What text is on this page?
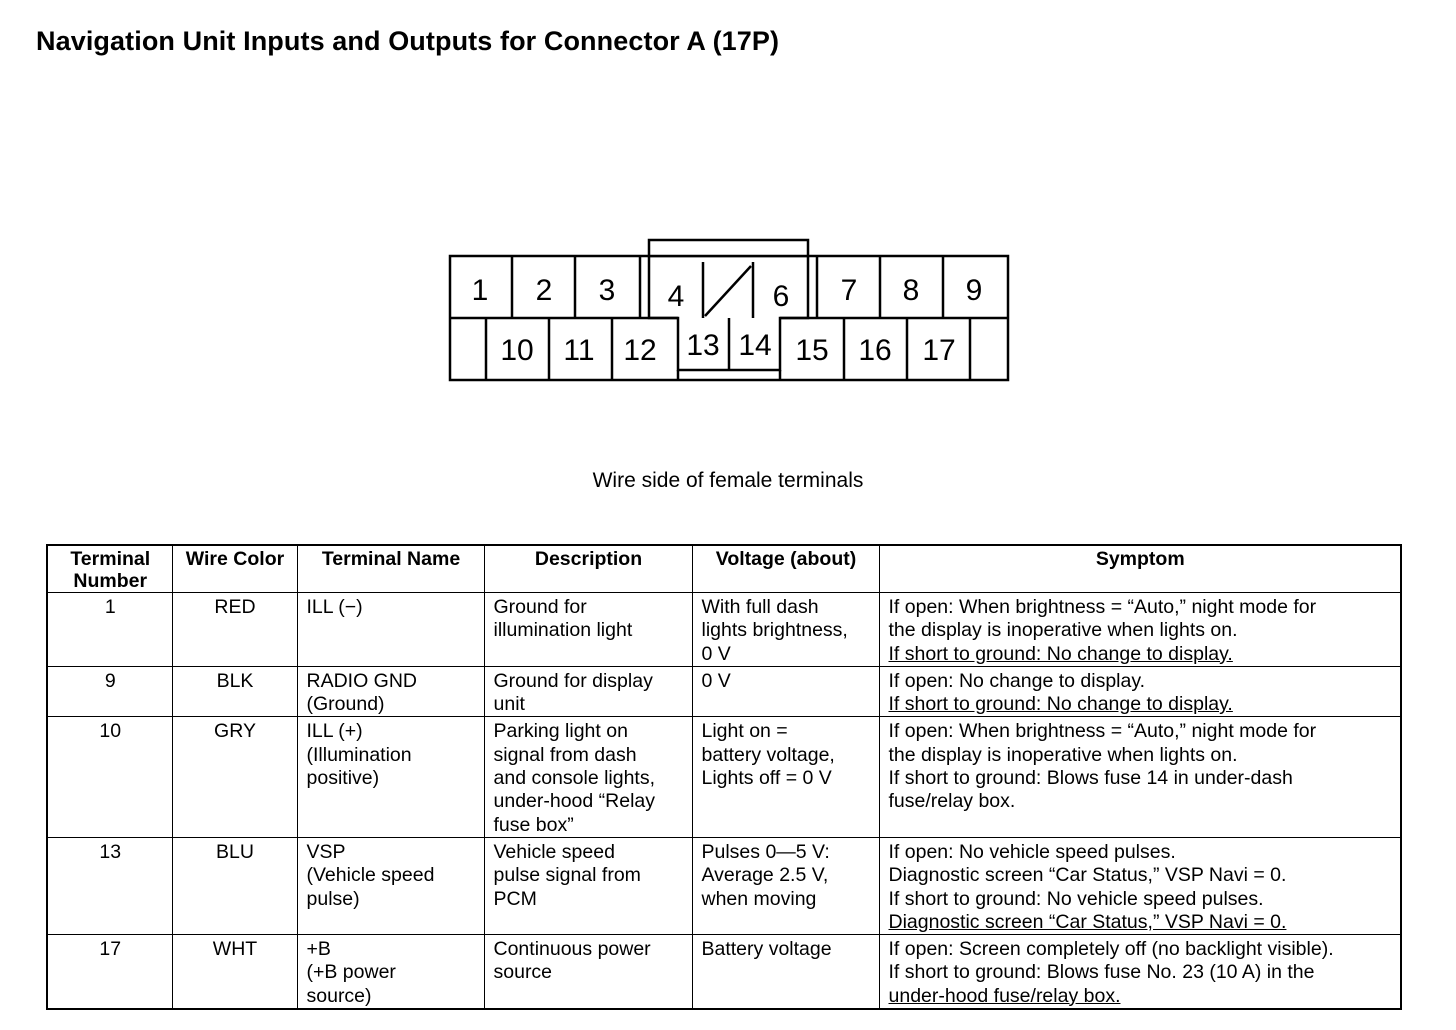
Navigation Unit Inputs and Outputs for Connector A (17P)
1 2 3 4	6 7 8 9
10 11 12 13 14 15 16 17
Wire side of female terminals
Terminal
Number	Wire Color	Terminal Name	Description	Voltage (about)	Symptom
1	RED	ILL (−)	Ground for
illumination light	With full dash
lights brightness,
0 V	If open: When brightness = “Auto,” night mode for
the display is inoperative when lights on.
If short to ground: No change to display.

9	BLK	RADIO GND
(Ground)	Ground for display
unit	0 V	If open: No change to display.
If short to ground: No change to display.

10	GRY	ILL (+)
(Illumination
positive)	Parking light on
signal from dash
and console lights,
under-hood “Relay
fuse box”	Light on =
battery voltage,
Lights off = 0 V	If open: When brightness = “Auto,” night mode for
the display is inoperative when lights on.
If short to ground: Blows fuse 14 in under-dash
fuse/relay box.

13	BLU	VSP
(Vehicle speed
pulse)	Vehicle speed
pulse signal from
PCM	Pulses 0—5 V:
Average 2.5 V,
when moving	If open: No vehicle speed pulses.
Diagnostic screen “Car Status,” VSP Navi = 0.
If short to ground: No vehicle speed pulses.
Diagnostic screen “Car Status,” VSP Navi = 0.

17	WHT	+B
(+B power
source)	Continuous power
source	Battery voltage	If open: Screen completely off (no backlight visible).
If short to ground: Blows fuse No. 23 (10 A) in the
under-hood fuse/relay box.
